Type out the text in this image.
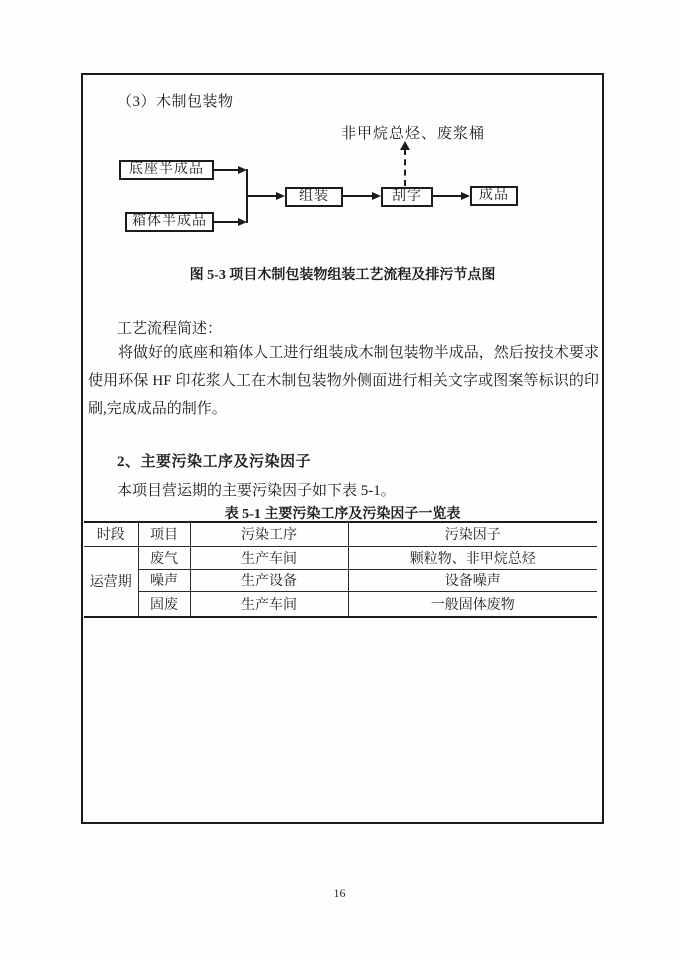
（3）木制包装物
非甲烷总烃、废浆桶
底座半成品
箱体半成品
组装	刮字	成品
图 5-3 项目木制包装物组装工艺流程及排污节点图
工艺流程简述：
将做好的底座和箱体人工进行组装成木制包装物半成品，然后按技术要求使用环保 HF 印花浆人工在木制包装物外侧面进行相关文字或图案等标识的印刷,完成成品的制作。
2、主要污染工序及污染因子
本项目营运期的主要污染因子如下表 5-1。
表 5-1 主要污染工序及污染因子一览表
时段	项目	污染工序	污染因子
运营期	废气	生产车间	颗粒物、非甲烷总烃
	噪声	生产设备	设备噪声
	固废	生产车间	一般固体废物
16
